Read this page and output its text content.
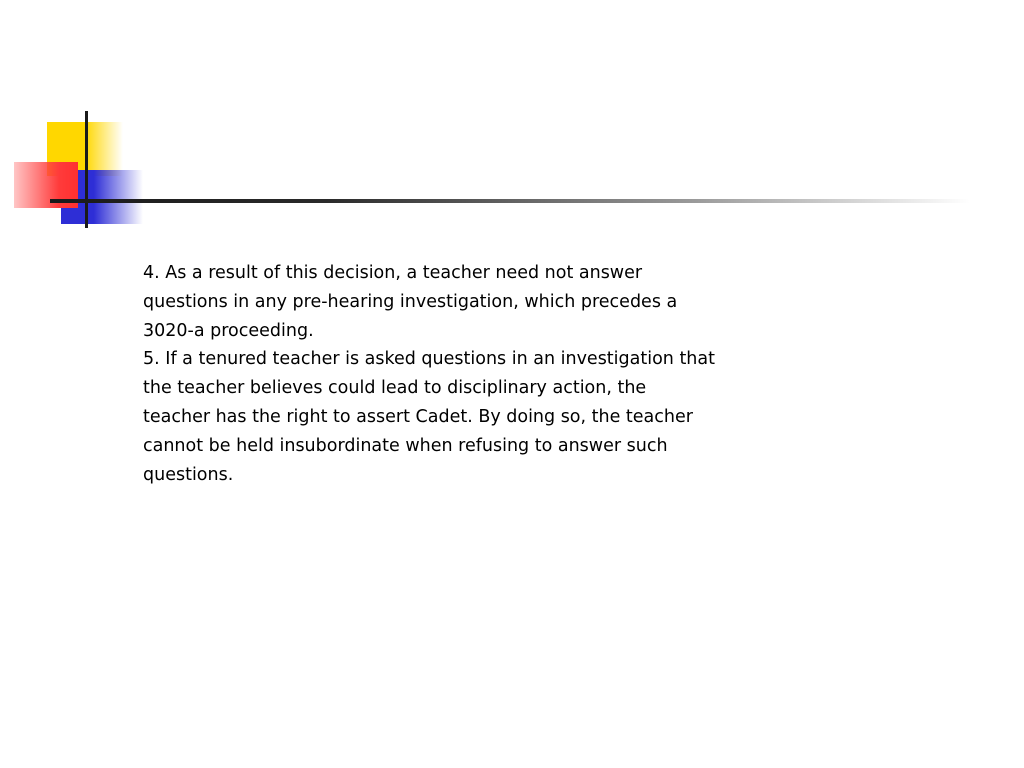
4. As a result of this decision, a teacher need not answer
questions in any pre-hearing investigation, which precedes a
3020-a proceeding.
5. If a tenured teacher is asked questions in an investigation that
the teacher believes could lead to disciplinary action, the
teacher has the right to assert Cadet. By doing so, the teacher
cannot be held insubordinate when refusing to answer such
questions.
